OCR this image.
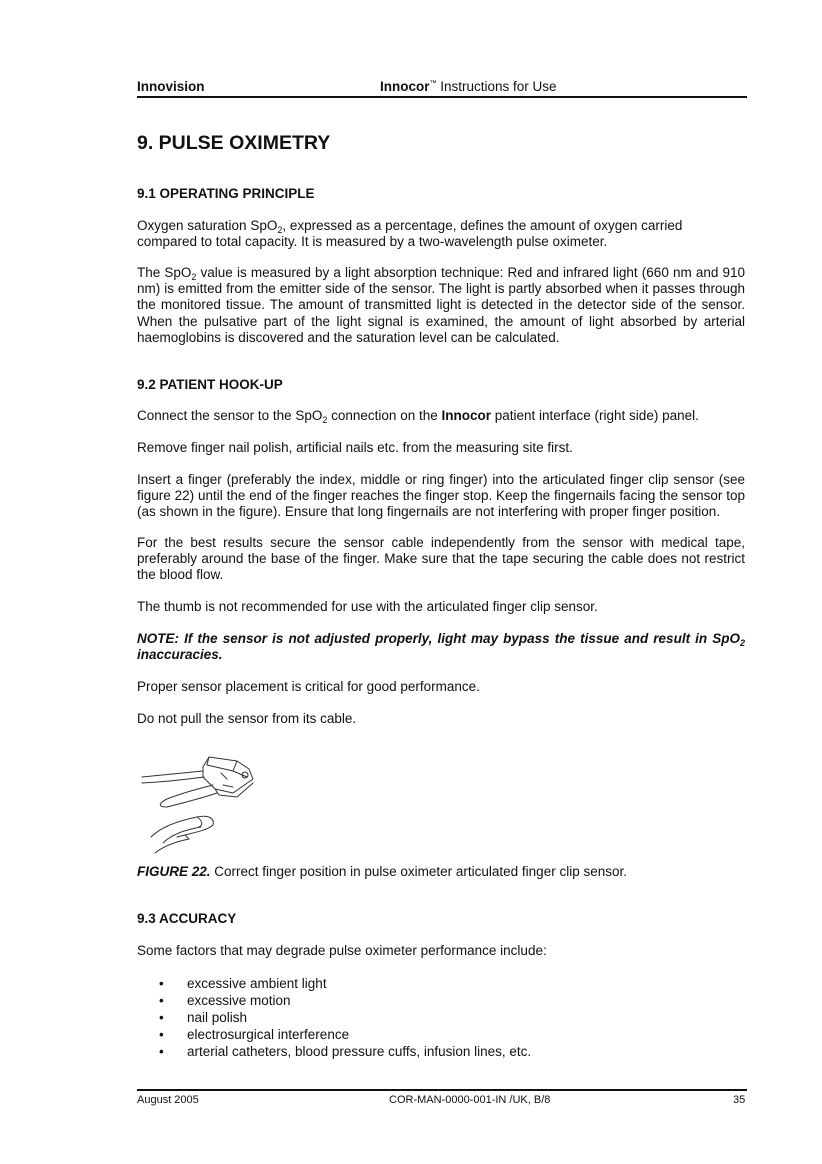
Innovision	Innocor™ Instructions for Use
9. PULSE OXIMETRY
9.1 OPERATING PRINCIPLE

Oxygen saturation SpO$_2$, expressed as a percentage, defines the amount of oxygen carried compared to total capacity. It is measured by a two-wavelength pulse oximeter.

The SpO$_2$ value is measured by a light absorption technique: Red and infrared light (660 nm and 910 nm) is emitted from the emitter side of the sensor. The light is partly absorbed when it passes through the monitored tissue. The amount of transmitted light is detected in the detector side of the sensor. When the pulsative part of the light signal is examined, the amount of light absorbed by arterial haemoglobins is discovered and the saturation level can be calculated.

9.2 PATIENT HOOK-UP

Connect the sensor to the SpO$_2$ connection on the Innocor patient interface (right side) panel.

Remove finger nail polish, artificial nails etc. from the measuring site first.

Insert a finger (preferably the index, middle or ring finger) into the articulated finger clip sensor (see figure 22) until the end of the finger reaches the finger stop. Keep the fingernails facing the sensor top (as shown in the figure). Ensure that long fingernails are not interfering with proper finger position.

For the best results secure the sensor cable independently from the sensor with medical tape, preferably around the base of the finger. Make sure that the tape securing the cable does not restrict the blood flow.

The thumb is not recommended for use with the articulated finger clip sensor.

NOTE: If the sensor is not adjusted properly, light may bypass the tissue and result in SpO$_2$ inaccuracies.

Proper sensor placement is critical for good performance.

Do not pull the sensor from its cable.

FIGURE 22. Correct finger position in pulse oximeter articulated finger clip sensor.

9.3 ACCURACY

Some factors that may degrade pulse oximeter performance include:

• excessive ambient light
• excessive motion
• nail polish
• electrosurgical interference
• arterial catheters, blood pressure cuffs, infusion lines, etc.
August 2005	COR-MAN-0000-001-IN /UK, B/8	35
